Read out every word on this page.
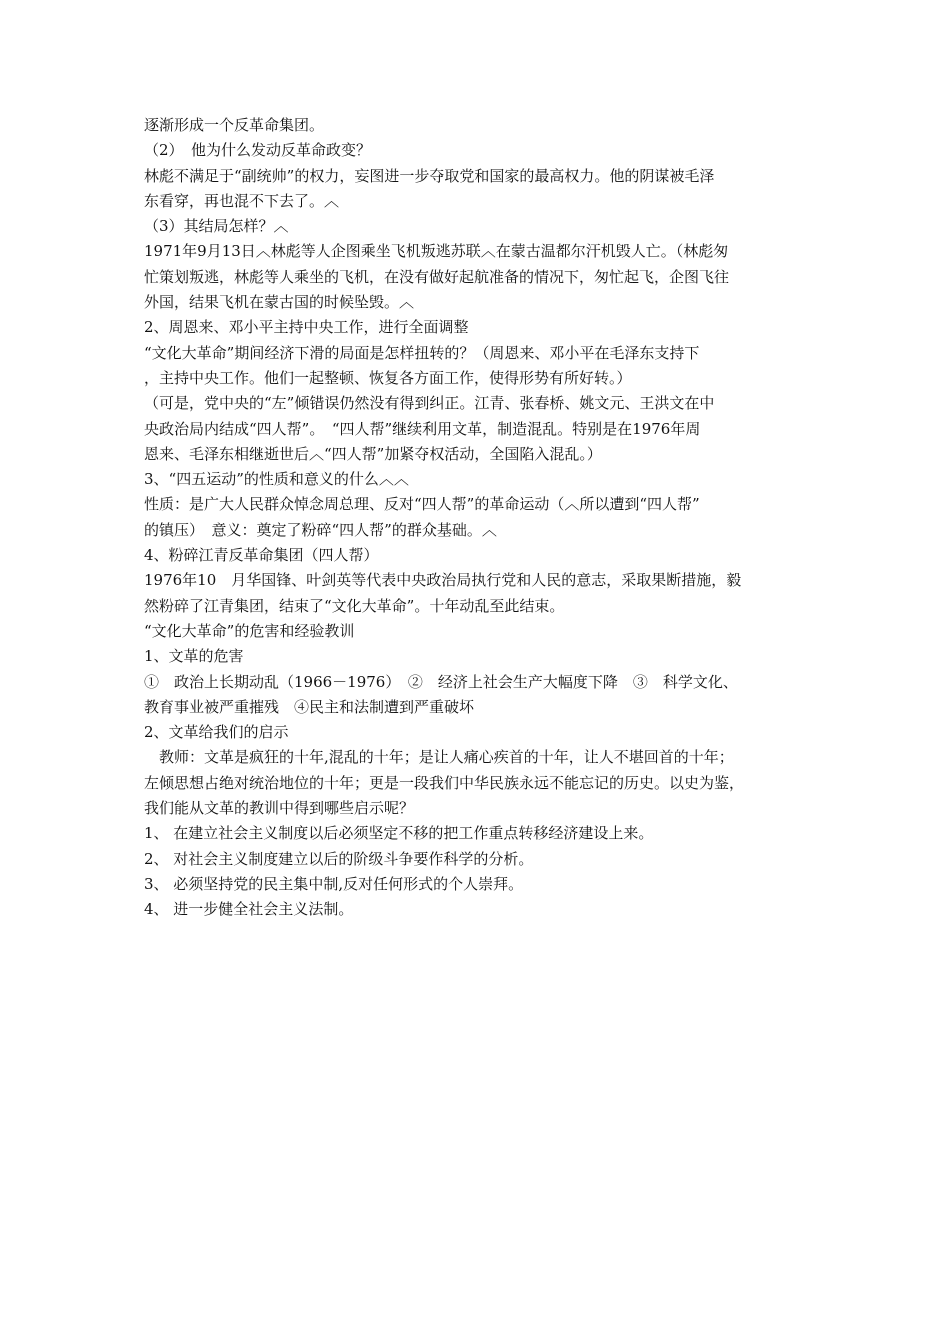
逐渐形成一个反革命集团。
（2）　他为什么发动反革命政变？
林彪不满足于“副统帅”的权力，妄图进一步夺取党和国家的最高权力。他的阴谋被毛泽
东看穿，再也混不下去了。︿
（3）其结局怎样？︿
1971年9月13日︿林彪等人企图乘坐飞机叛逃苏联︿在蒙古温都尔汗机毁人亡。（林彪匆
忙策划叛逃，林彪等人乘坐的飞机，在没有做好起航准备的情况下，匆忙起飞，企图飞往
外国，结果飞机在蒙古国的时候坠毁。︿
2、周恩来、邓小平主持中央工作，进行全面调整
“文化大革命”期间经济下滑的局面是怎样扭转的？（周恩来、邓小平在毛泽东支持下
，主持中央工作。他们一起整顿、恢复各方面工作，使得形势有所好转。）
（可是，党中央的“左”倾错误仍然没有得到纠正。江青、张春桥、姚文元、王洪文在中
央政治局内结成“四人帮”。　“四人帮”继续利用文革，制造混乱。特别是在1976年周
恩来、毛泽东相继逝世后︿“四人帮”加紧夺权活动，全国陷入混乱。）
3、“四五运动”的性质和意义的什么︿︿
性质：是广大人民群众悼念周总理、反对“四人帮”的革命运动（︿所以遭到“四人帮”
的镇压）　意义：奠定了粉碎“四人帮”的群众基础。︿
4、粉碎江青反革命集团（四人帮）
1976年10　月华国锋、叶剑英等代表中央政治局执行党和人民的意志，采取果断措施，毅
然粉碎了江青集团，结束了“文化大革命”。十年动乱至此结束。
“文化大革命”的危害和经验教训
1、文革的危害
①　政治上长期动乱（1966－1976）　②　经济上社会生产大幅度下降　③　科学文化、
教育事业被严重摧残　④民主和法制遭到严重破坏
2、文革给我们的启示
　教师：文革是疯狂的十年,混乱的十年；是让人痛心疾首的十年，让人不堪回首的十年；
左倾思想占绝对统治地位的十年；更是一段我们中华民族永远不能忘记的历史。以史为鉴，
我们能从文革的教训中得到哪些启示呢？
1、 在建立社会主义制度以后必须坚定不移的把工作重点转移经济建设上来。
2、 对社会主义制度建立以后的阶级斗争要作科学的分析。
3、 必须坚持党的民主集中制,反对任何形式的个人崇拜。
4、 进一步健全社会主义法制。
